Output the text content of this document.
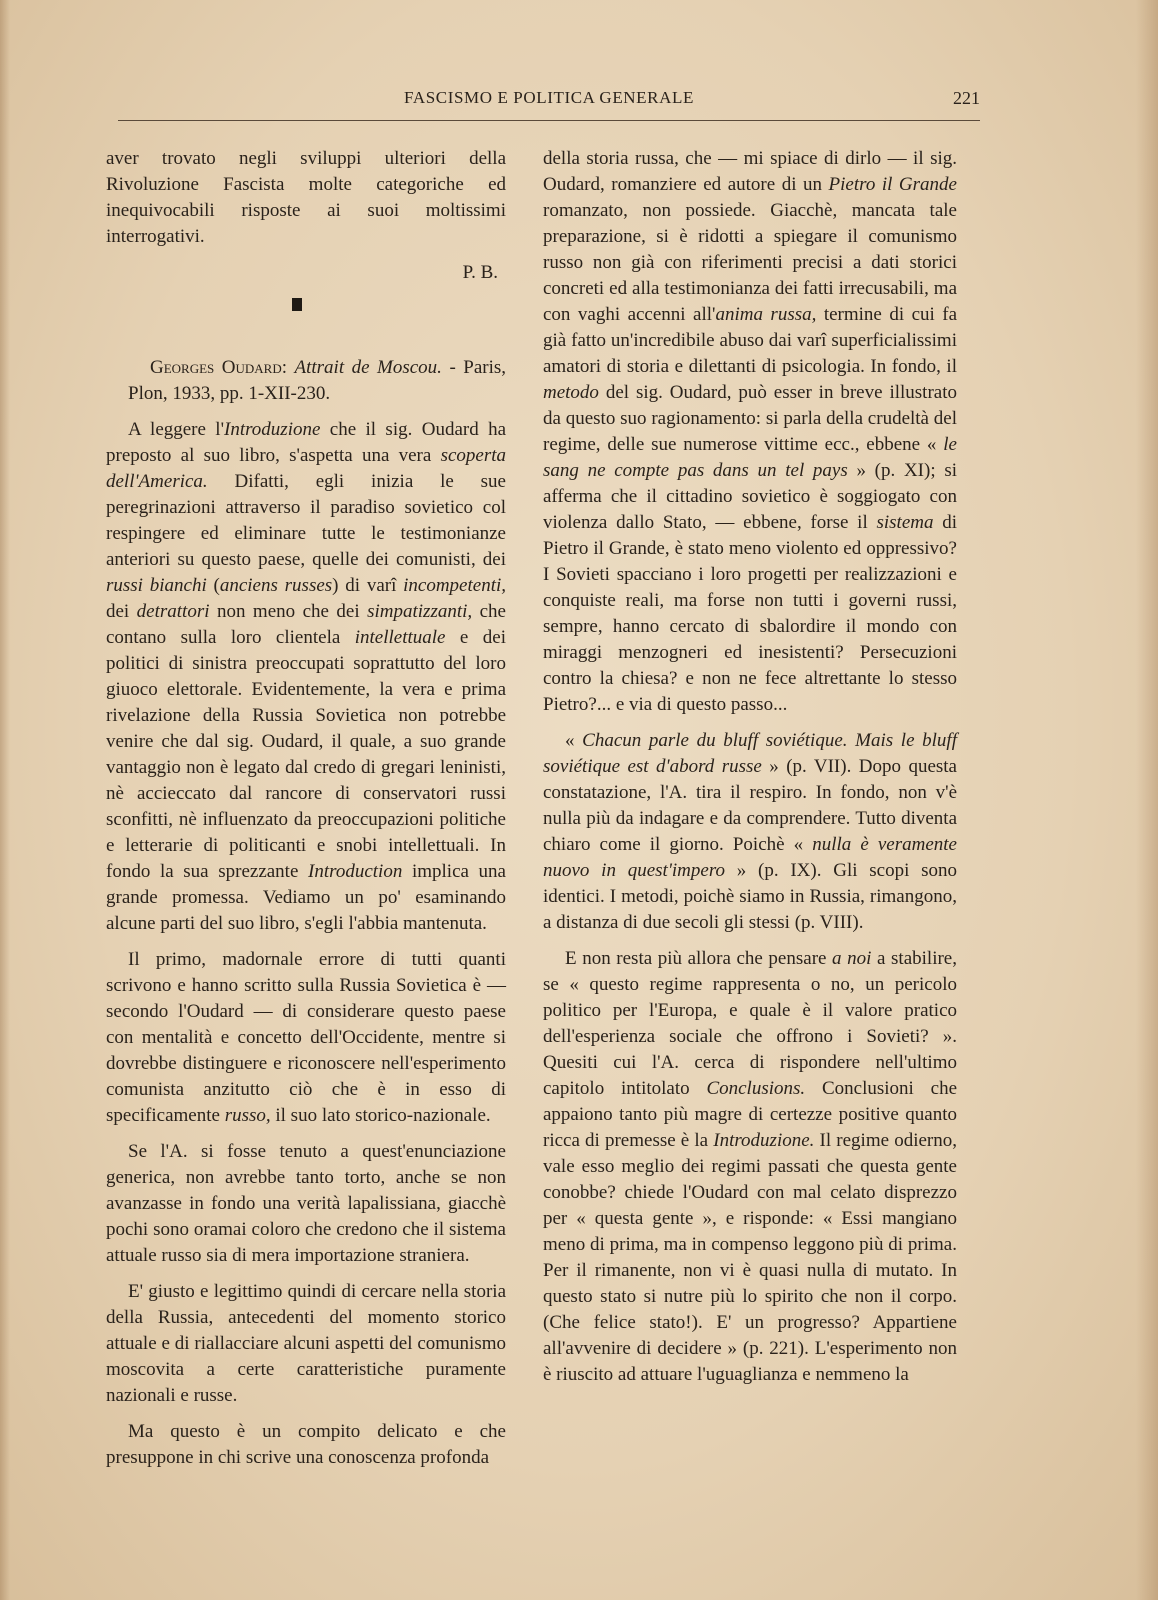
FASCISMO E POLITICA GENERALE	221

aver trovato negli sviluppi ulteriori della Rivoluzione Fascista molte categoriche ed inequivocabili risposte ai suoi moltissimi interrogativi.

P. B.

Georges Oudard: Attrait de Moscou. - Paris, Plon, 1933, pp. 1-XII-230.

A leggere l'Introduzione che il sig. Oudard ha preposto al suo libro, s'aspetta una vera scoperta dell'America. Difatti, egli inizia le sue peregrinazioni attraverso il paradiso sovietico col respingere ed eliminare tutte le testimonianze anteriori su questo paese, quelle dei comunisti, dei russi bianchi (anciens russes) di varî incompetenti, dei detrattori non meno che dei simpatizzanti, che contano sulla loro clientela intellettuale e dei politici di sinistra preoccupati soprattutto del loro giuoco elettorale. Evidentemente, la vera e prima rivelazione della Russia Sovietica non potrebbe venire che dal sig. Oudard, il quale, a suo grande vantaggio non è legato dal credo di gregari leninisti, nè accieccato dal rancore di conservatori russi sconfitti, nè influenzato da preoccupazioni politiche e letterarie di politicanti e snobi intellettuali. In fondo la sua sprezzante Introduction implica una grande promessa. Vediamo un po' esaminando alcune parti del suo libro, s'egli l'abbia mantenuta.

Il primo, madornale errore di tutti quanti scrivono e hanno scritto sulla Russia Sovietica è — secondo l'Oudard — di considerare questo paese con mentalità e concetto dell'Occidente, mentre si dovrebbe distinguere e riconoscere nell'esperimento comunista anzitutto ciò che è in esso di specificamente russo, il suo lato storico-nazionale.

Se l'A. si fosse tenuto a quest'enunciazione generica, non avrebbe tanto torto, anche se non avanzasse in fondo una verità lapalissiana, giacchè pochi sono oramai coloro che credono che il sistema attuale russo sia di mera importazione straniera.

E' giusto e legittimo quindi di cercare nella storia della Russia, antecedenti del momento storico attuale e di riallacciare alcuni aspetti del comunismo moscovita a certe caratteristiche puramente nazionali e russe.

Ma questo è un compito delicato e che presuppone in chi scrive una conoscenza profonda

della storia russa, che — mi spiace di dirlo — il sig. Oudard, romanziere ed autore di un Pietro il Grande romanzato, non possiede. Giacchè, mancata tale preparazione, si è ridotti a spiegare il comunismo russo non già con riferimenti precisi a dati storici concreti ed alla testimonianza dei fatti irrecusabili, ma con vaghi accenni all'anima russa, termine di cui fa già fatto un'incredibile abuso dai varî superficialissimi amatori di storia e dilettanti di psicologia. In fondo, il metodo del sig. Oudard, può esser in breve illustrato da questo suo ragionamento: si parla della crudeltà del regime, delle sue numerose vittime ecc., ebbene « le sang ne compte pas dans un tel pays » (p. XI); si afferma che il cittadino sovietico è soggiogato con violenza dallo Stato, — ebbene, forse il sistema di Pietro il Grande, è stato meno violento ed oppressivo? I Sovieti spacciano i loro progetti per realizzazioni e conquiste reali, ma forse non tutti i governi russi, sempre, hanno cercato di sbalordire il mondo con miraggi menzogneri ed inesistenti? Persecuzioni contro la chiesa? e non ne fece altrettante lo stesso Pietro?... e via di questo passo...

« Chacun parle du bluff soviétique. Mais le bluff soviétique est d'abord russe » (p. VII). Dopo questa constatazione, l'A. tira il respiro. In fondo, non v'è nulla più da indagare e da comprendere. Tutto diventa chiaro come il giorno. Poichè « nulla è veramente nuovo in quest'impero » (p. IX). Gli scopi sono identici. I metodi, poichè siamo in Russia, rimangono, a distanza di due secoli gli stessi (p. VIII).

E non resta più allora che pensare a noi a stabilire, se « questo regime rappresenta o no, un pericolo politico per l'Europa, e quale è il valore pratico dell'esperienza sociale che offrono i Sovieti? ». Quesiti cui l'A. cerca di rispondere nell'ultimo capitolo intitolato Conclusions. Conclusioni che appaiono tanto più magre di certezze positive quanto ricca di premesse è la Introduzione. Il regime odierno, vale esso meglio dei regimi passati che questa gente conobbe? chiede l'Oudard con mal celato disprezzo per « questa gente », e risponde: « Essi mangiano meno di prima, ma in compenso leggono più di prima. Per il rimanente, non vi è quasi nulla di mutato. In questo stato si nutre più lo spirito che non il corpo. (Che felice stato!). E' un progresso? Appartiene all'avvenire di decidere » (p. 221). L'esperimento non è riuscito ad attuare l'uguaglianza e nemmeno la
